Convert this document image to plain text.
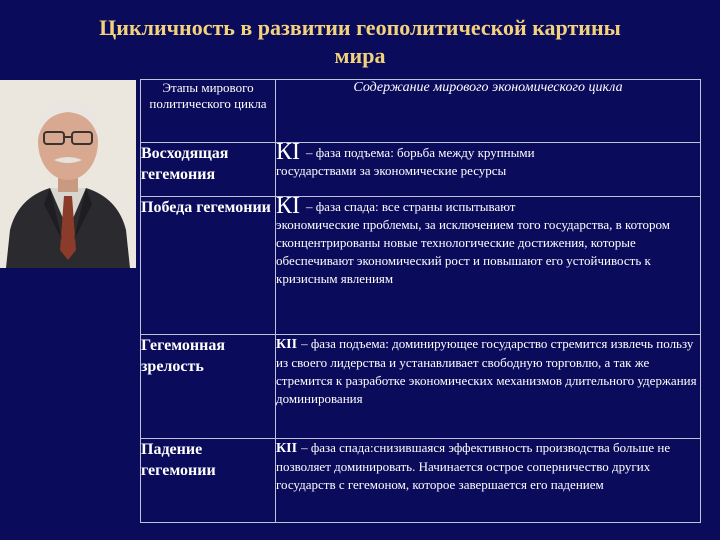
Цикличность в развитии геополитической картины
мира
Этапы мирового политического цикла	Содержание мирового экономического цикла
Восходящая гегемония	КI – фаза подъема: борьба между крупными
государствами за экономические ресурсы
Победа гегемонии	КI – фаза спада: все страны испытывают
экономические проблемы, за исключением того государства, в котором сконцентрированы новые технологические достижения, которые обеспечивают экономический рост и повышают его устойчивость к кризисным явлениям
Гегемонная зрелость	КII – фаза подъема: доминирующее государство стремится извлечь пользу из своего лидерства и устанавливает свободную торговлю, а так же стремится к разработке экономических механизмов длительного удержания доминирования
Падение гегемонии	КII – фаза спада:снизившаяся эффективность производства больше не позволяет доминировать. Начинается острое соперничество других государств с гегемоном, которое завершается его падением
